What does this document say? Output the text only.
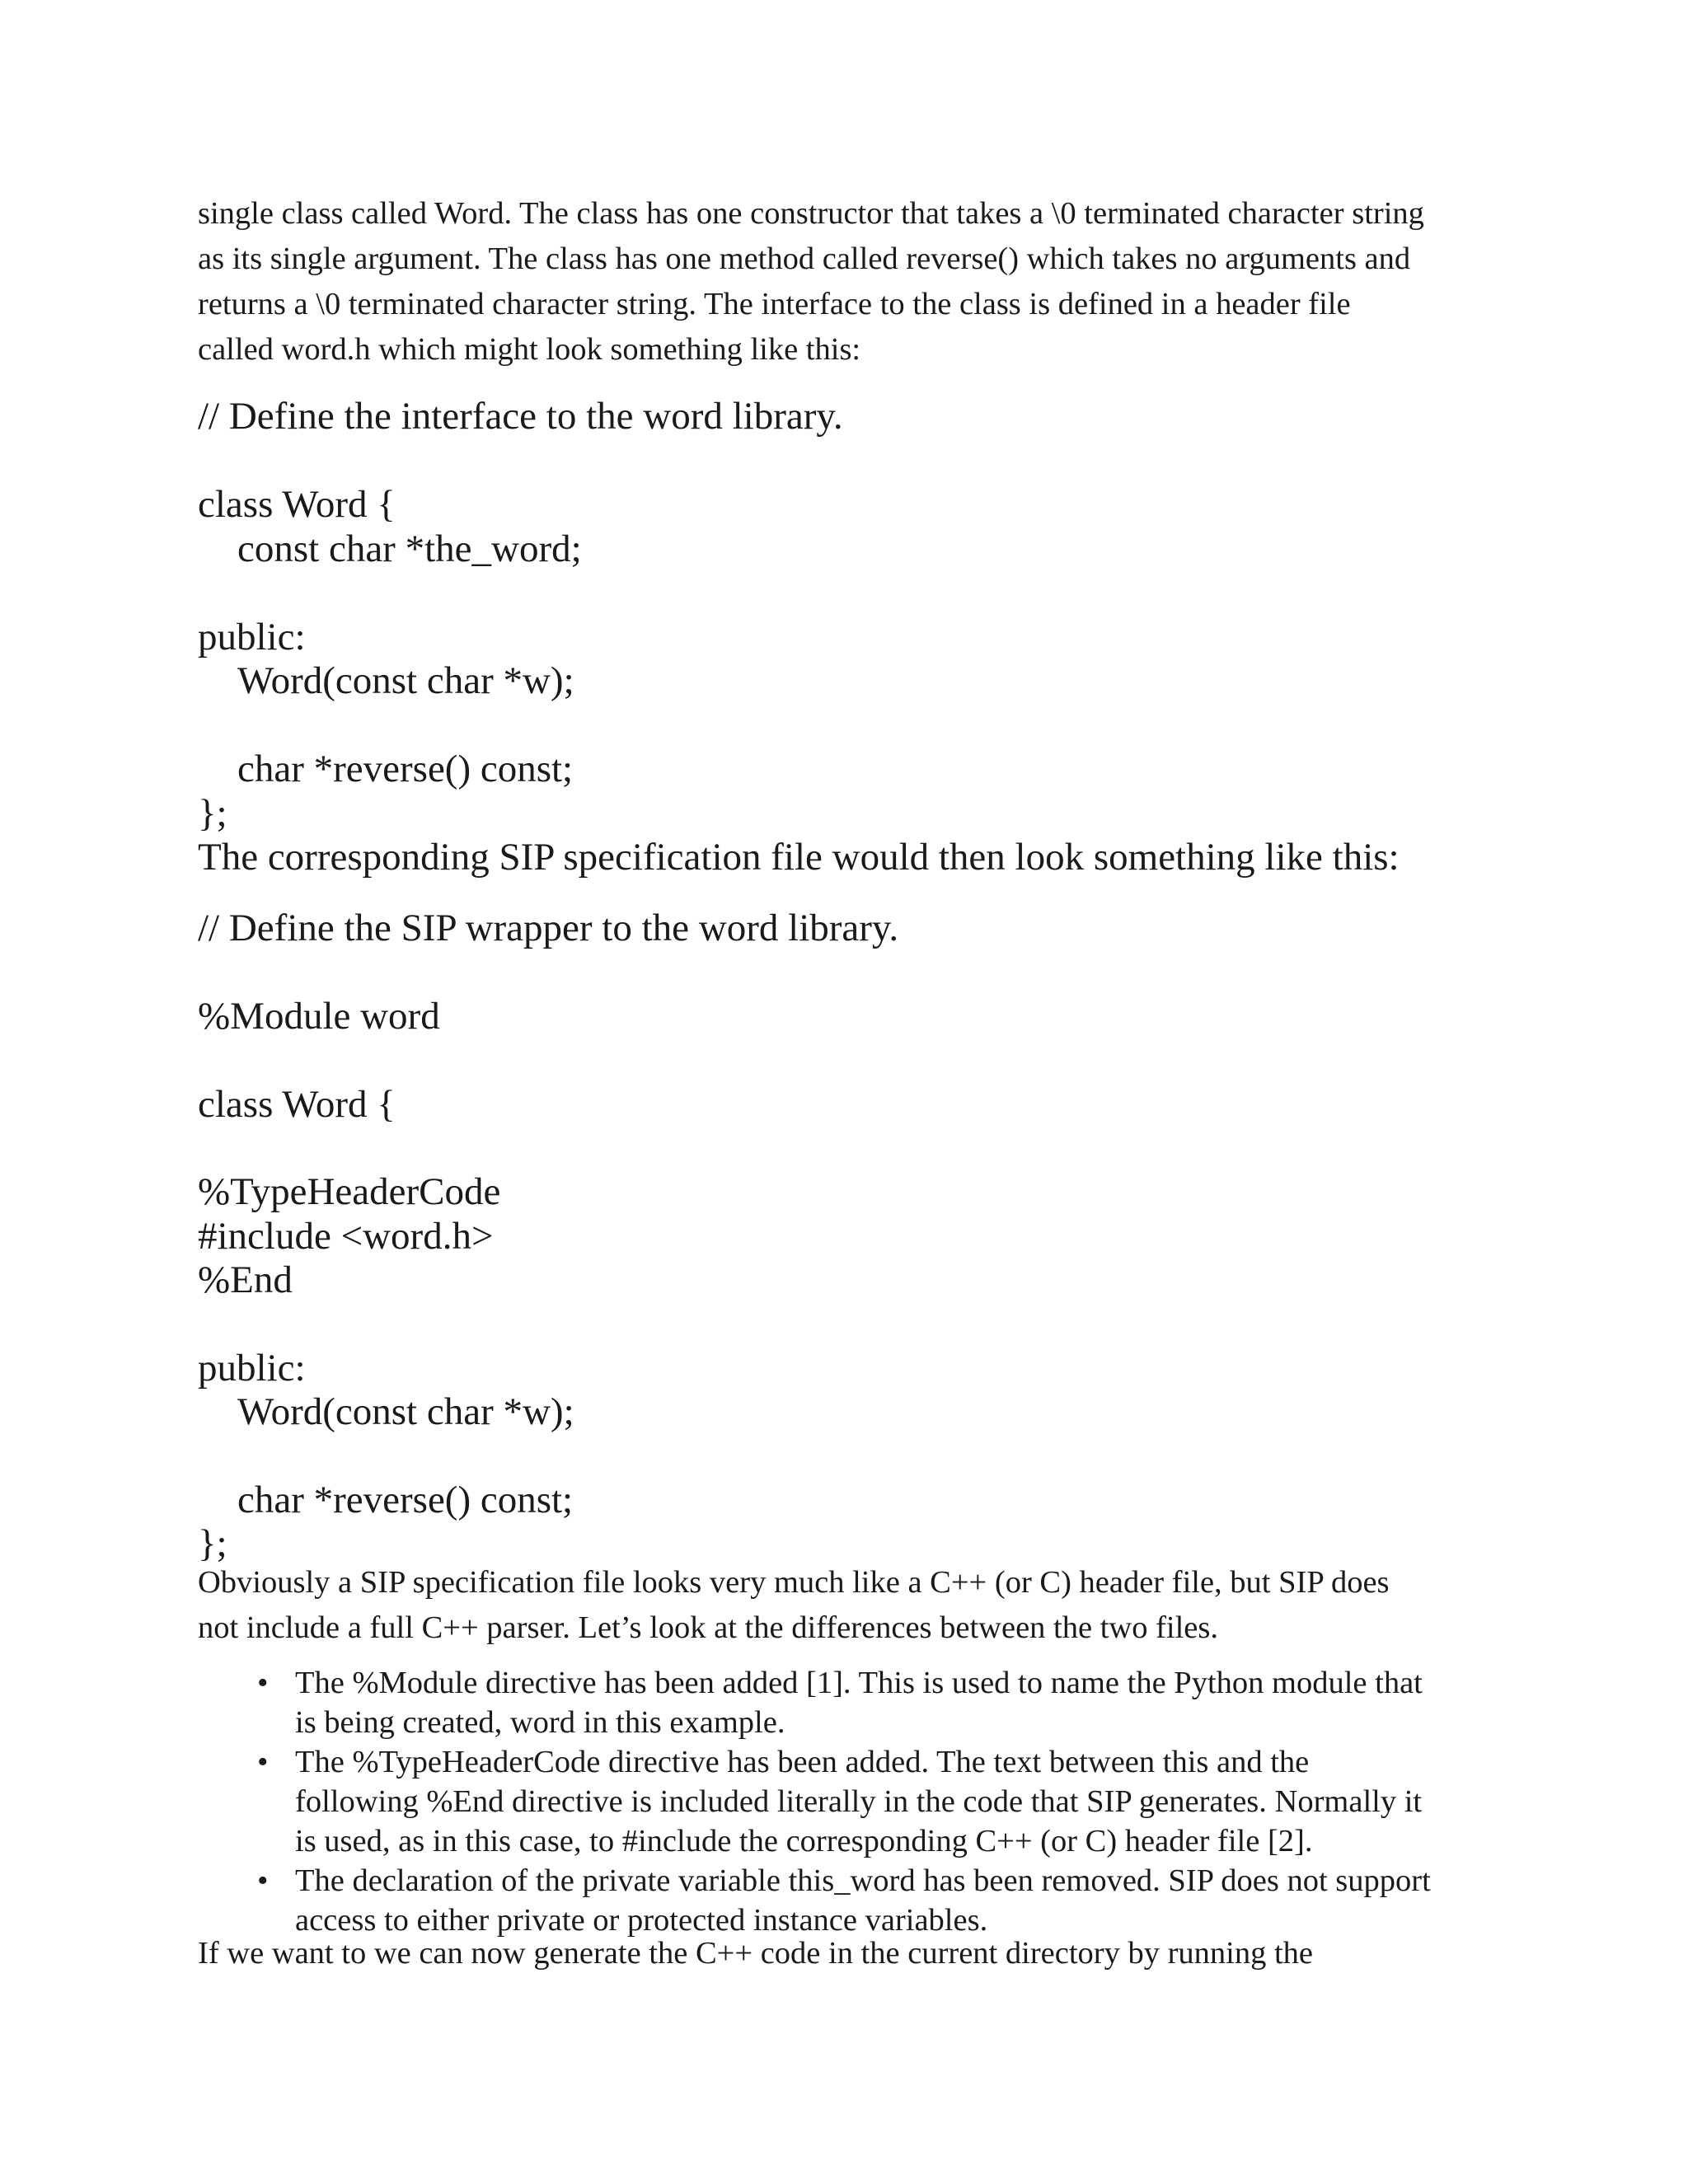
single class called Word. The class has one constructor that takes a \0 terminated character string
as its single argument. The class has one method called reverse() which takes no arguments and
returns a \0 terminated character string. The interface to the class is defined in a header file
called word.h which might look something like this:

// Define the interface to the word library.
class Word {
const char *the_word;
public:
Word(const char *w);
char *reverse() const;
};
The corresponding SIP specification file would then look something like this:
// Define the SIP wrapper to the word library.
%Module word
class Word {
%TypeHeaderCode
#include <word.h>
%End
public:
Word(const char *w);
char *reverse() const;
};

Obviously a SIP specification file looks very much like a C++ (or C) header file, but SIP does
not include a full C++ parser. Let’s look at the differences between the two files.

• The %Module directive has been added [1]. This is used to name the Python module that
is being created, word in this example.
• The %TypeHeaderCode directive has been added. The text between this and the
following %End directive is included literally in the code that SIP generates. Normally it
is used, as in this case, to #include the corresponding C++ (or C) header file [2].
• The declaration of the private variable this_word has been removed. SIP does not support
access to either private or protected instance variables.

If we want to we can now generate the C++ code in the current directory by running the
